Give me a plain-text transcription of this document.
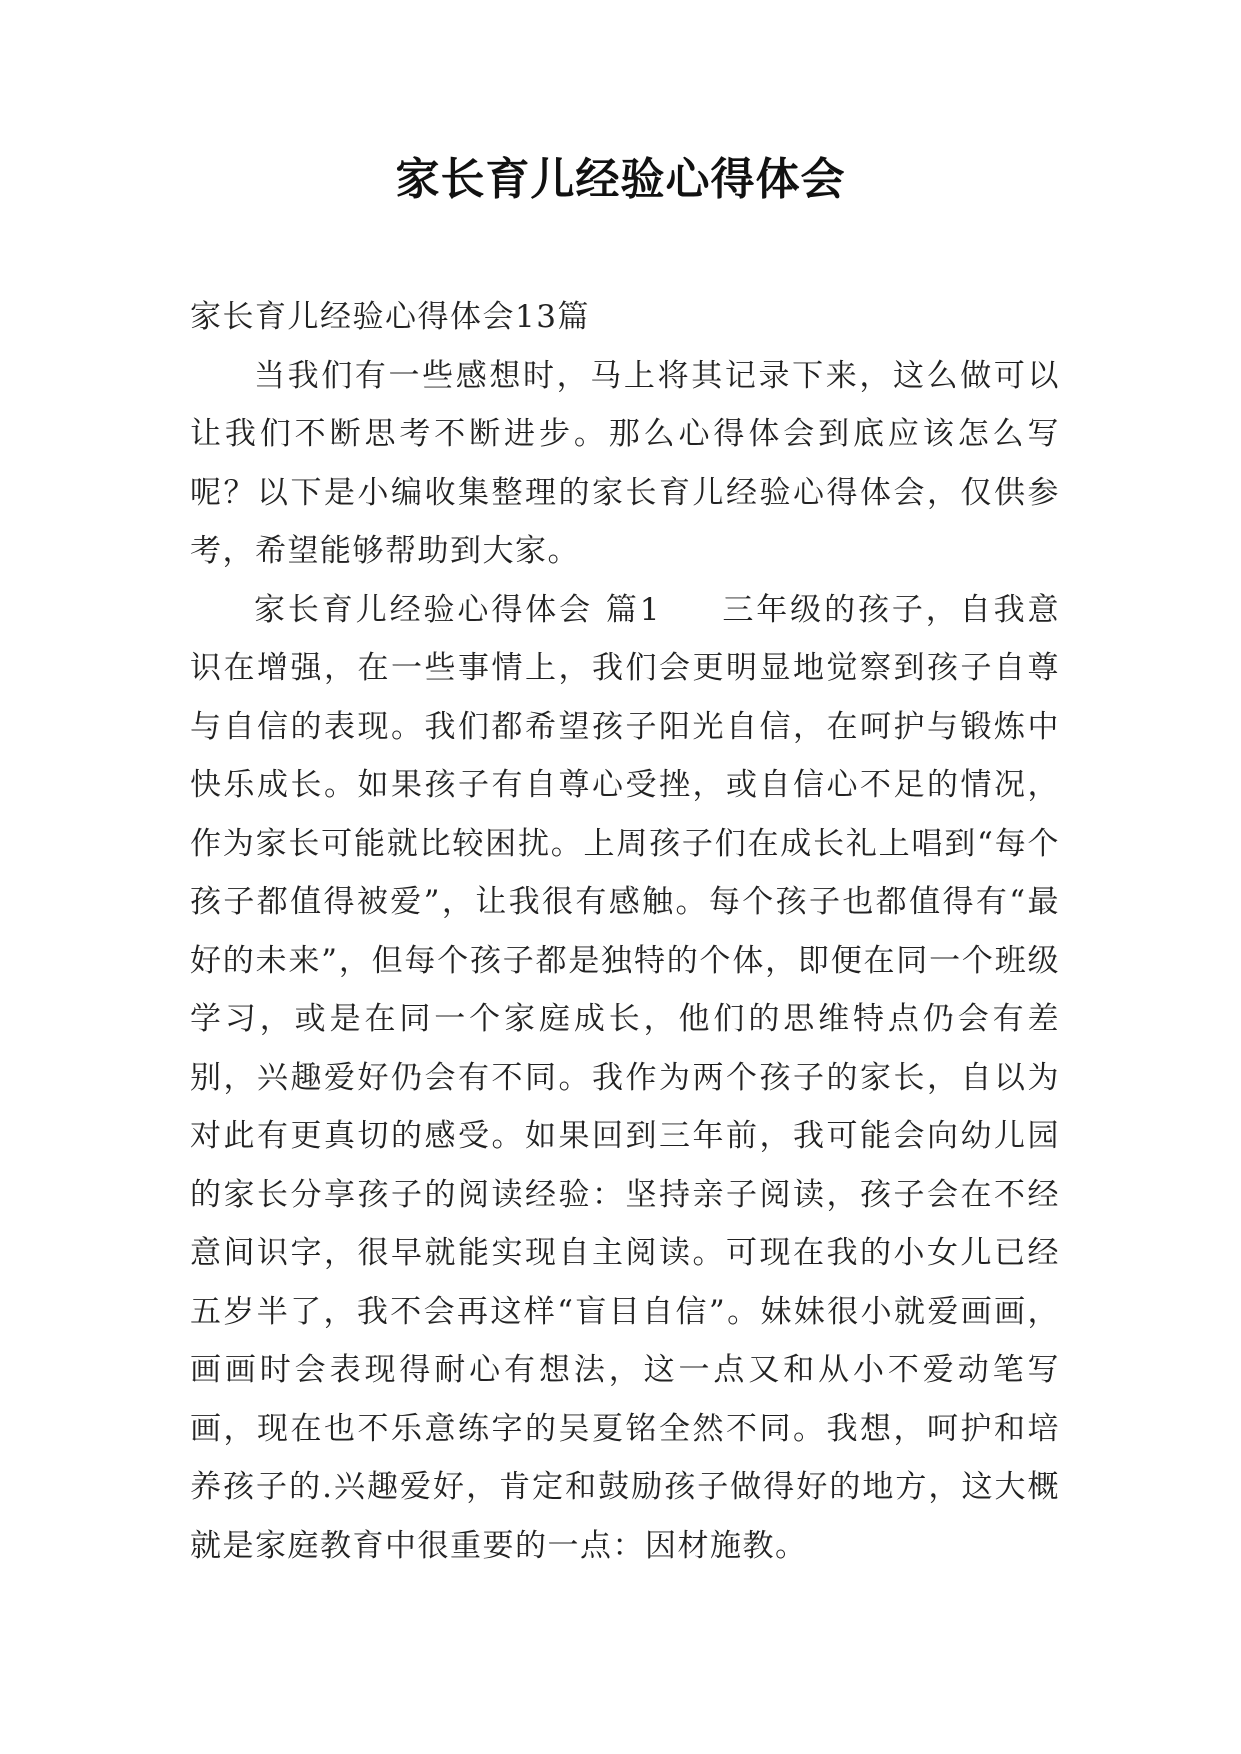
家长育儿经验心得体会

家长育儿经验心得体会13篇

当我们有一些感想时，马上将其记录下来，这么做可以让我们不断思考不断进步。那么心得体会到底应该怎么写呢？以下是小编收集整理的家长育儿经验心得体会，仅供参考，希望能够帮助到大家。

家长育儿经验心得体会 篇1 三年级的孩子，自我意识在增强，在一些事情上，我们会更明显地觉察到孩子自尊与自信的表现。我们都希望孩子阳光自信，在呵护与锻炼中快乐成长。如果孩子有自尊心受挫，或自信心不足的情况，作为家长可能就比较困扰。上周孩子们在成长礼上唱到“每个孩子都值得被爱”，让我很有感触。每个孩子也都值得有“最好的未来”，但每个孩子都是独特的个体，即便在同一个班级学习，或是在同一个家庭成长，他们的思维特点仍会有差别，兴趣爱好仍会有不同。我作为两个孩子的家长，自以为对此有更真切的感受。如果回到三年前，我可能会向幼儿园的家长分享孩子的阅读经验：坚持亲子阅读，孩子会在不经意间识字，很早就能实现自主阅读。可现在我的小女儿已经五岁半了，我不会再这样“盲目自信”。妹妹很小就爱画画，画画时会表现得耐心有想法，这一点又和从小不爱动笔写画，现在也不乐意练字的吴夏铭全然不同。我想，呵护和培养孩子的.兴趣爱好，肯定和鼓励孩子做得好的地方，这大概就是家庭教育中很重要的一点：因材施教。
